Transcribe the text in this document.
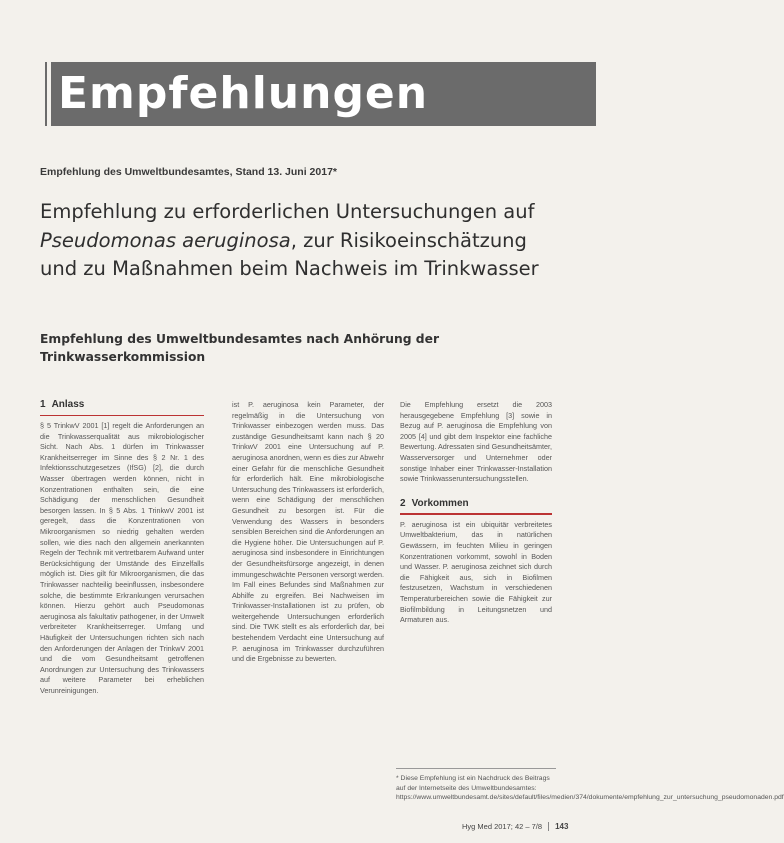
Empfehlungen
Empfehlung des Umweltbundesamtes, Stand 13. Juni 2017*
Empfehlung zu erforderlichen Untersuchungen auf Pseudomonas aeruginosa, zur Risikoeinschätzung und zu Maßnahmen beim Nachweis im Trinkwasser
Empfehlung des Umweltbundesamtes nach Anhörung der Trinkwasserkommission
1 Anlass

§ 5 TrinkwV 2001 [1] regelt die Anforderungen an die Trinkwasserqualität aus mikrobiologischer Sicht. Nach Abs. 1 dürfen im Trinkwasser Krankheitserreger im Sinne des § 2 Nr. 1 des Infektionsschutzgesetzes (IfSG) [2], die durch Wasser übertragen werden können, nicht in Konzentrationen enthalten sein, die eine Schädigung der menschlichen Gesundheit besorgen lassen. In § 5 Abs. 1 TrinkwV 2001 ist geregelt, dass die Konzentrationen von Mikroorganismen so niedrig gehalten werden sollen, wie dies nach den allgemein anerkannten Regeln der Technik mit vertretbarem Aufwand unter Berücksichtigung der Umstände des Einzelfalls möglich ist. Dies gilt für Mikroorganismen, die das Trinkwasser nachteilig beeinflussen, insbesondere solche, die bestimmte Erkrankungen verursachen können. Hierzu gehört auch Pseudomonas aeruginosa als fakultativ pathogener, in der Umwelt verbreiteter Krankheitserreger. Umfang und Häufigkeit der Untersuchungen richten sich nach den Anforderungen der Anlagen der TrinkwV 2001 und die vom Gesundheitsamt getroffenen Anordnungen zur Untersuchung des Trinkwassers auf weitere Parameter bei erheblichen Verunreinigungen.

ist P. aeruginosa kein Parameter, der regelmäßig in die Untersuchung von Trinkwasser einbezogen werden muss. Das zuständige Gesundheitsamt kann nach § 20 TrinkwV 2001 eine Untersuchung auf P. aeruginosa anordnen, wenn es dies zur Abwehr einer Gefahr für die menschliche Gesundheit für erforderlich hält. Eine mikrobiologische Untersuchung des Trinkwassers ist erforderlich, wenn eine Schädigung der menschlichen Gesundheit zu besorgen ist. Für die Verwendung des Wassers in besonders sensiblen Bereichen sind die Anforderungen an die Hygiene höher. Die Untersuchungen auf P. aeruginosa sind insbesondere in Einrichtungen der Gesundheitsfürsorge angezeigt, in denen immungeschwächte Personen versorgt werden. Im Fall eines Befundes sind Maßnahmen zur Abhilfe zu ergreifen. Bei Nachweisen im Trinkwasser-Installationen ist zu prüfen, ob weitergehende Untersuchungen erforderlich sind. Die TWK stellt es als erforderlich dar, bei bestehendem Verdacht eine Untersuchung auf P. aeruginosa im Trinkwasser durchzuführen und die Ergebnisse zu bewerten.

Die Empfehlung ersetzt die 2003 herausgegebene Empfehlung [3] sowie in Bezug auf P. aeruginosa die Empfehlung von 2005 [4] und gibt dem Inspektor eine fachliche Bewertung. Adressaten sind Gesundheitsämter, Wasserversorger und Unternehmer oder sonstige Inhaber einer Trinkwasser-Installation sowie Trinkwasseruntersuchungsstellen.

2 Vorkommen

P. aeruginosa ist ein ubiquitär verbreitetes Umweltbakterium, das in natürlichen Gewässern, im feuchten Milieu in geringen Konzentrationen vorkommt, sowohl in Boden und Wasser. P. aeruginosa zeichnet sich durch die Fähigkeit aus, sich in Biofilmen festzusetzen, Wachstum in verschiedenen Temperaturbereichen sowie die Fähigkeit zur Biofilmbildung in Leitungsnetzen und Armaturen aus.

* Diese Empfehlung ist ein Nachdruck des Beitrags auf der Internetseite des Umweltbundesamtes: https://www.umweltbundesamt.de/sites/default/files/medien/374/dokumente/empfehlung_zur_untersuchung_pseudomonaden.pdf
Hyg Med 2017; 42 – 7/8 143
